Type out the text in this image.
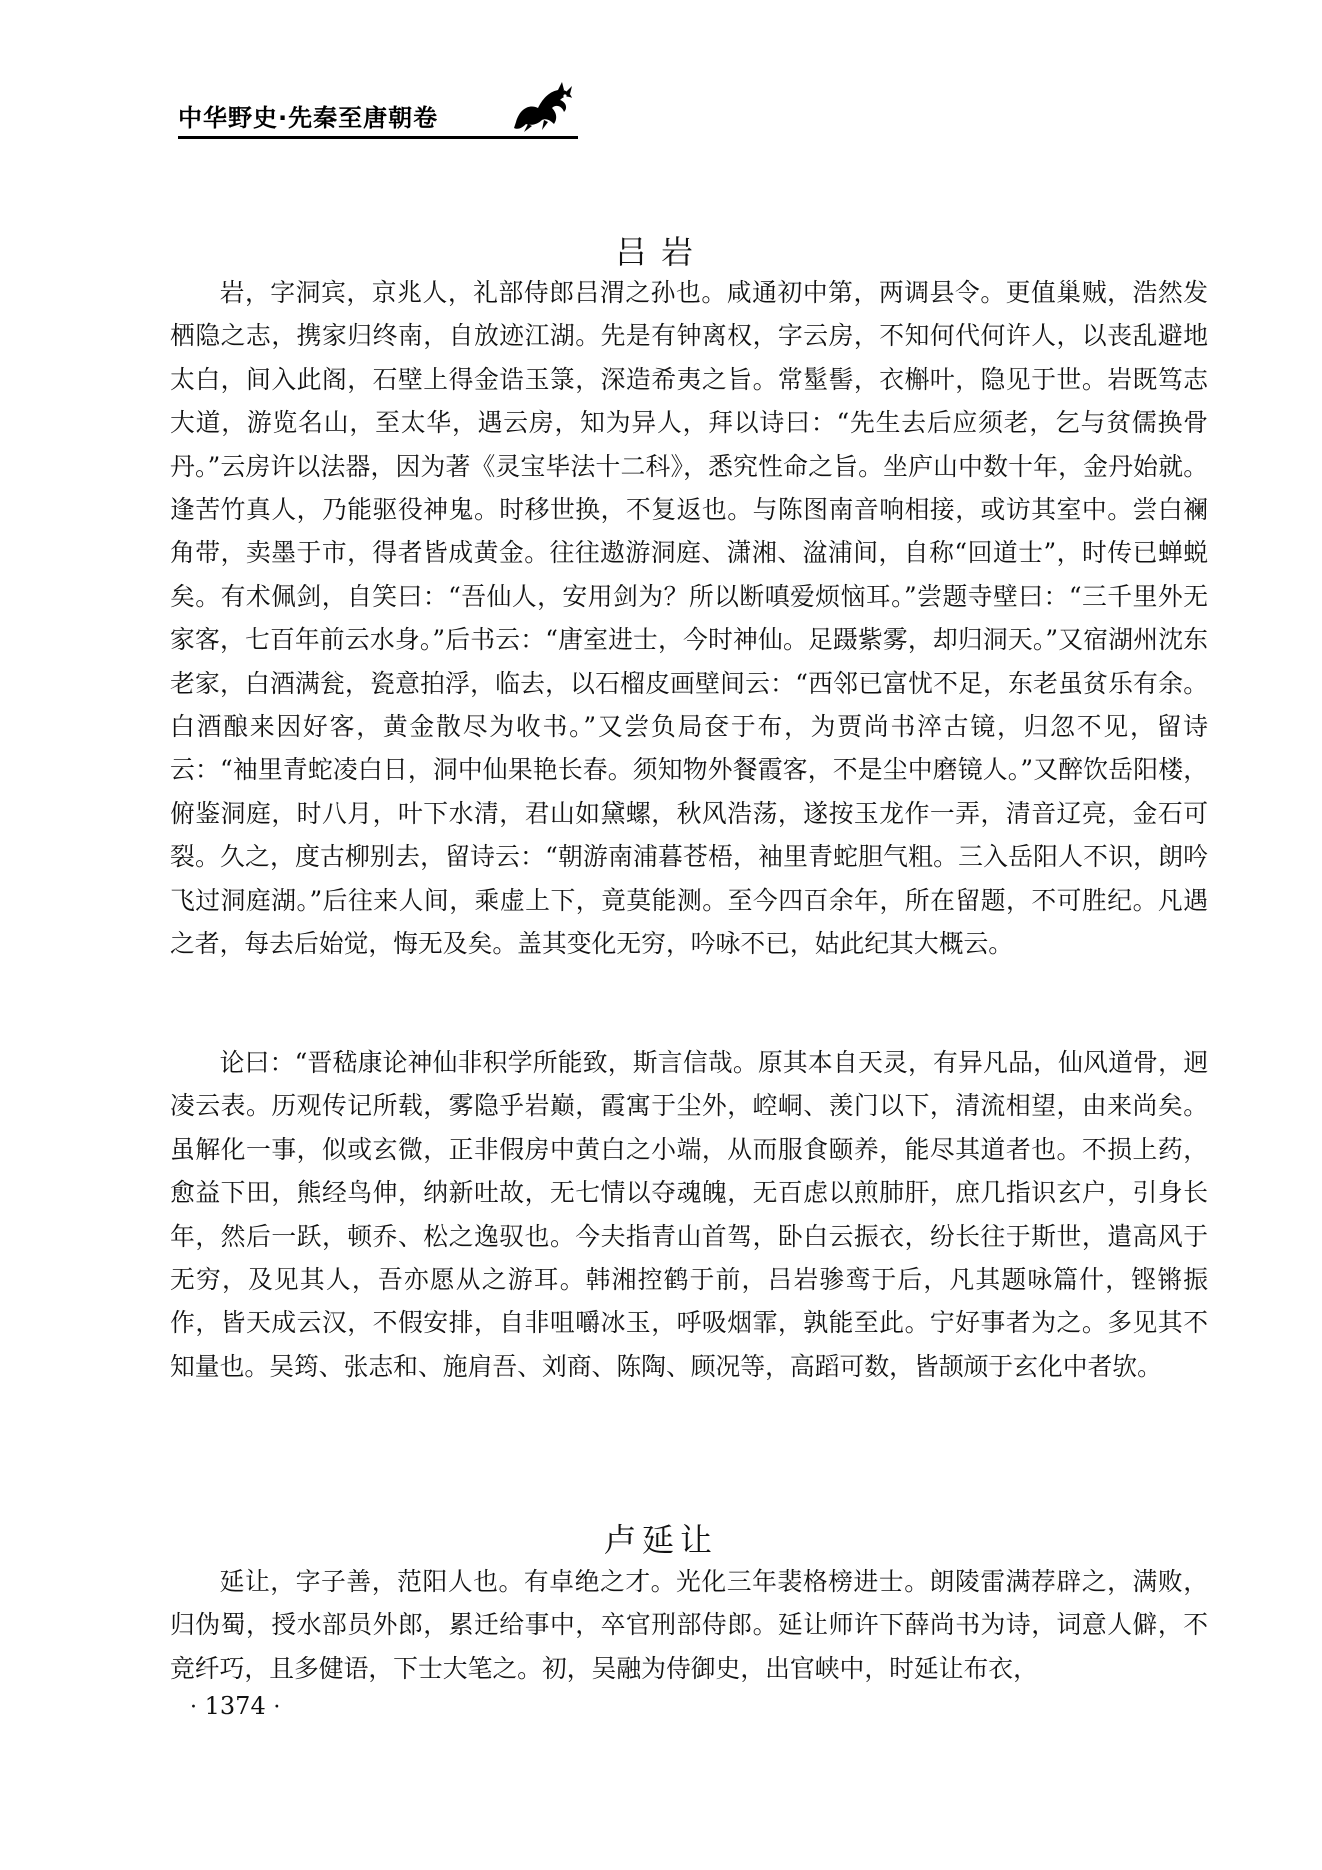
中华野史·先秦至唐朝卷
吕岩

岩，字洞宾，京兆人，礼部侍郎吕渭之孙也。咸通初中第，两调县令。更值巢贼，浩然发栖隐之志，携家归终南，自放迹江湖。先是有钟离权，字云房，不知何代何许人，以丧乱避地太白，间入此阁，石壁上得金诰玉箓，深造希夷之旨。常髽髻，衣槲叶，隐见于世。岩既笃志大道，游览名山，至太华，遇云房，知为异人，拜以诗曰：“先生去后应须老，乞与贫儒换骨丹。”云房许以法器，因为著《灵宝毕法十二科》，悉究性命之旨。坐庐山中数十年，金丹始就。逢苦竹真人，乃能驱役神鬼。时移世换，不复返也。与陈图南音响相接，或访其室中。尝白襕角带，卖墨于市，得者皆成黄金。往往遨游洞庭、潇湘、湓浦间，自称“回道士”，时传已蝉蜕矣。有术佩剑，自笑曰：“吾仙人，安用剑为？所以断嗔爱烦恼耳。”尝题寺壁曰：“三千里外无家客，七百年前云水身。”后书云：“唐室进士，今时神仙。足蹑紫雾，却归洞天。”又宿湖州沈东老家，白酒满瓮，瓷意拍浮，临去，以石榴皮画壁间云：“西邻已富忧不足，东老虽贫乐有余。白酒酿来因好客，黄金散尽为收书。”又尝负局奁于布，为贾尚书淬古镜，归忽不见，留诗云：“袖里青蛇凌白日，洞中仙果艳长春。须知物外餐霞客，不是尘中磨镜人。”又醉饮岳阳楼，俯鉴洞庭，时八月，叶下水清，君山如黛螺，秋风浩荡，遂按玉龙作一弄，清音辽亮，金石可裂。久之，度古柳别去，留诗云：“朝游南浦暮苍梧，袖里青蛇胆气粗。三入岳阳人不识，朗吟飞过洞庭湖。”后往来人间，乘虚上下，竟莫能测。至今四百余年，所在留题，不可胜纪。凡遇之者，每去后始觉，悔无及矣。盖其变化无穷，吟咏不已，姑此纪其大概云。

论曰：“晋嵇康论神仙非积学所能致，斯言信哉。原其本自天灵，有异凡品，仙风道骨，迥凌云表。历观传记所载，雾隐乎岩巅，霞寓于尘外，崆峒、羡门以下，清流相望，由来尚矣。虽解化一事，似或玄微，正非假房中黄白之小端，从而服食颐养，能尽其道者也。不损上药，愈益下田，熊经鸟伸，纳新吐故，无七情以夺魂魄，无百虑以煎肺肝，庶几指识玄户，引身长年，然后一跃，顿乔、松之逸驭也。今夫指青山首驾，卧白云振衣，纷长往于斯世，遣高风于无穷，及见其人，吾亦愿从之游耳。韩湘控鹤于前，吕岩骖鸾于后，凡其题咏篇什，铿锵振作，皆天成云汉，不假安排，自非咀嚼冰玉，呼吸烟霏，孰能至此。宁好事者为之。多见其不知量也。吴筠、张志和、施肩吾、刘商、陈陶、顾况等，高蹈可数，皆颉颃于玄化中者欤。

卢延让

延让，字子善，范阳人也。有卓绝之才。光化三年裴格榜进士。朗陵雷满荐辟之，满败，归伪蜀，授水部员外郎，累迁给事中，卒官刑部侍郎。延让师许下薛尚书为诗，词意人僻，不竞纤巧，且多健语，下士大笔之。初，吴融为侍御史，出官峡中，时延让布衣，

· 1374 ·
